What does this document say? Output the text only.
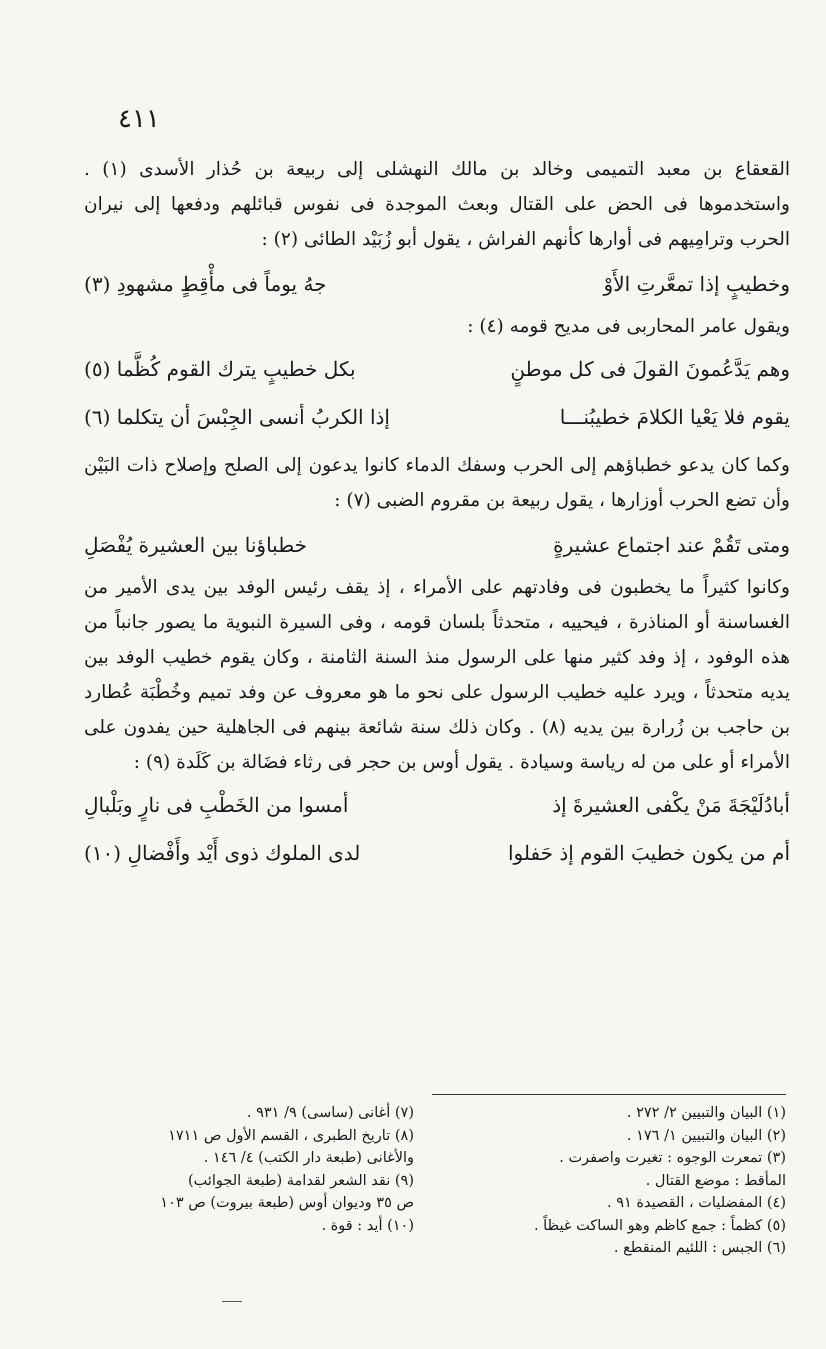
٤١١

القعقاع بن معبد التميمى وخالد بن مالك النهشلى إلى ربيعة بن حُذار الأسدى (١) . واستخدموها فى الحض على القتال وبعث الموجدة فى نفوس قبائلهم ودفعها إلى نيران الحرب وترامِيهم فى أوارها كأنهم الفراش ، يقول أبو زُبَيْد الطائى (٢) :

وخطيبٍ إذا تمعَّرتِ الأَوْ
جهُ يوماً فى مأْقِطٍ مشهودِ (٣)

ويقول عامر المحاربى فى مديح قومه (٤) :

وهم يَدَّعُمونَ القولَ فى كل موطنٍ
بكل خطيبٍ يترك القوم كُظَّما (٥)
يقوم فلا يَعْيا الكلامَ خطيبُنـــا
إذا الكربُ أنسى الجِبْسَ أن يتكلما (٦)

وكما كان يدعو خطباؤهم إلى الحرب وسفك الدماء كانوا يدعون إلى الصلح وإصلاح ذات البَيْن وأن تضع الحرب أوزارها ، يقول ربيعة بن مقروم الضبى (٧) :

ومتى تَقُمْ عند اجتماع عشيرةٍ
خطباؤنا بين العشيرة يُفْصَلِ

وكانوا كثيراً ما يخطبون فى وفادتهم على الأمراء ، إذ يقف رئيس الوفد بين يدى الأمير من الغساسنة أو المناذرة ، فيحييه ، متحدثاً بلسان قومه ، وفى السيرة النبوية ما يصور جانباً من هذه الوفود ، إذ وفد كثير منها على الرسول منذ السنة الثامنة ، وكان يقوم خطيب الوفد بين يديه متحدثاً ، ويرد عليه خطيب الرسول على نحو ما هو معروف عن وفد تميم وخُطْبَة عُطارد بن حاجب بن زُرارة بين يديه (٨) . وكان ذلك سنة شائعة بينهم فى الجاهلية حين يفدون على الأمراء أو على من له رياسة وسيادة . يقول أوس بن حجر فى رثاء فضَالة بن كَلَدة (٩) :

أبادُلَيْجَةَ مَنْ يكْفى العشيرةَ إذ
أمسوا من الخَطْبِ فى نارٍ وبَلْبالِ
أم من يكون خطيبَ القوم إذ حَفلوا
لدى الملوك ذوى أَيْد وأَفْضالِ (١٠)
(١) البيان والتبيين ٢/ ٢٧٢ .
(٢) البيان والتبيين ١/ ١٧٦ .
(٣) تمعرت الوجوه : تغيرت واصفرت .
المأقط : موضع القتال .
(٤) المفضليات ، القصيدة ٩١ .
(٥) كظماً : جمع كاظم وهو الساكت غيظاً .
(٦) الجبس : اللئيم المنقطع .
(٧) أغانى (ساسى) ٩/ ٩٣١ .
(٨) تاريخ الطبرى ، القسم الأول ص ١٧١١
والأغانى (طبعة دار الكتب) ٤/ ١٤٦ .
(٩) نقد الشعر لقدامة (طبعة الجوائب)
ص ٣٥ وديوان أوس (طبعة بيروت) ص ١٠٣
(١٠) أيد : قوة .
